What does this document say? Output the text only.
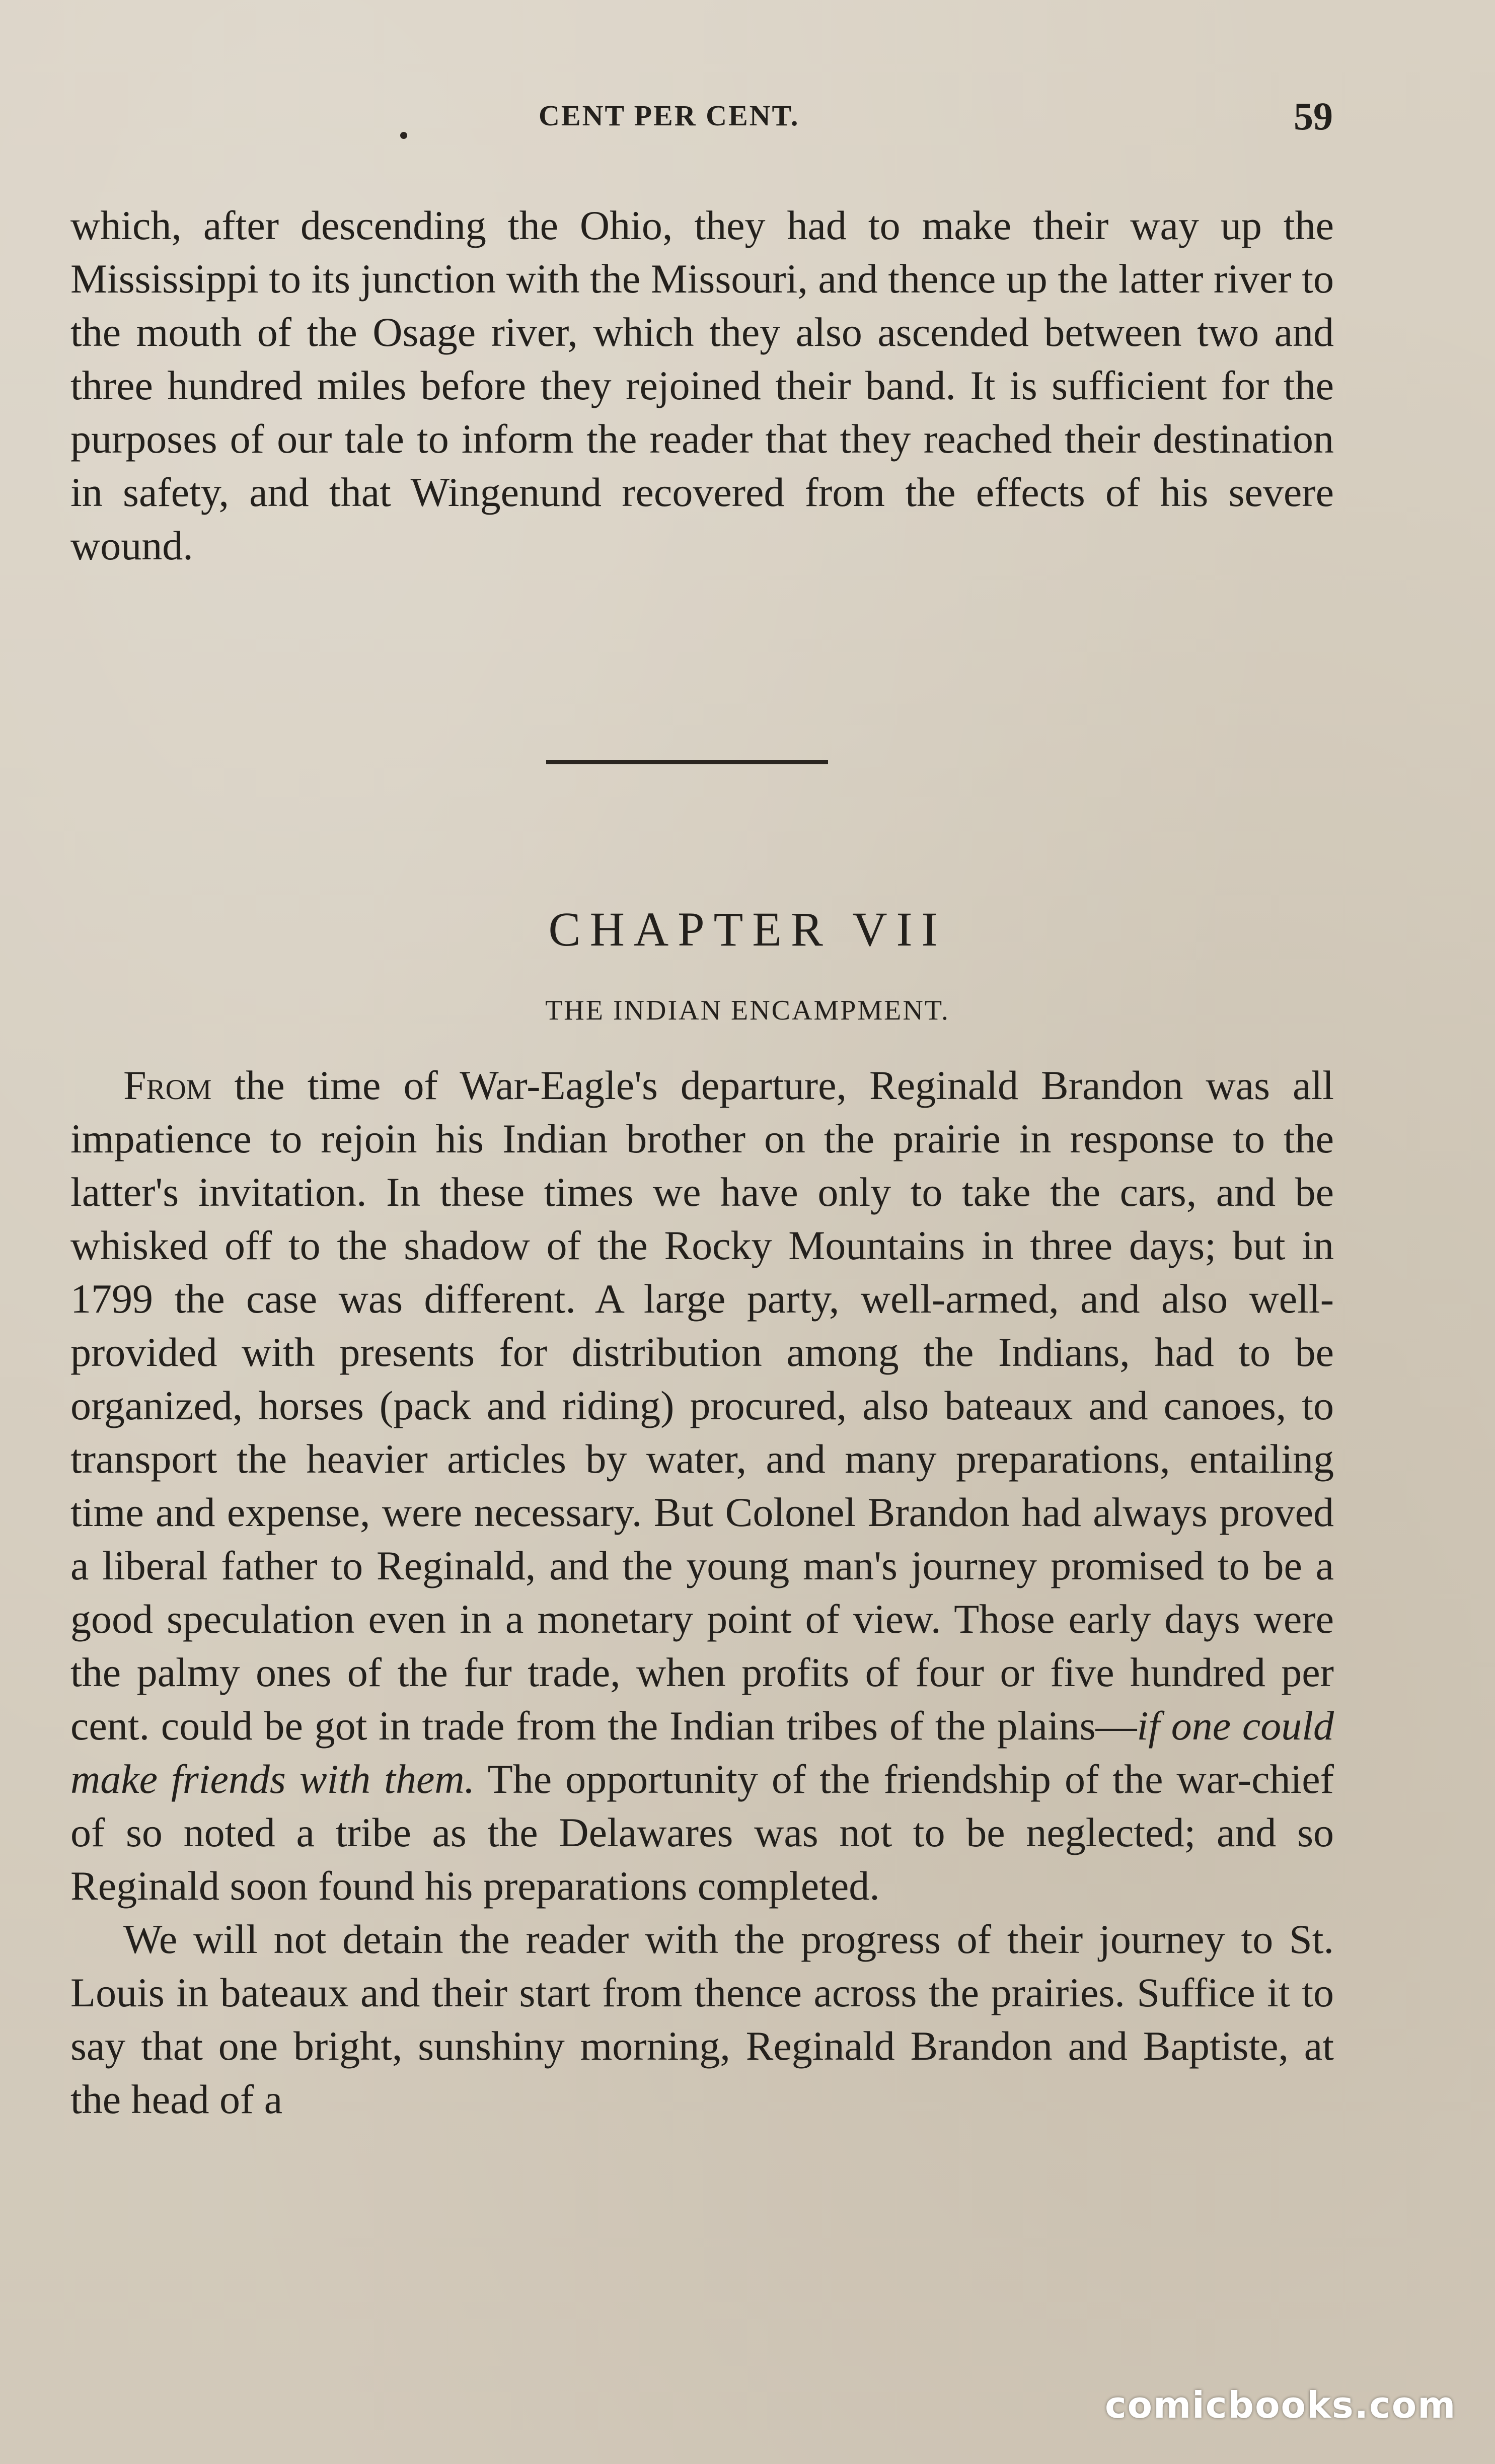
CENT PER CENT.	59

which, after descending the Ohio, they had to make their way up the Mississippi to its junction with the Missouri, and thence up the latter river to the mouth of the Osage river, which they also ascended between two and three hundred miles before they rejoined their band. It is sufficient for the purposes of our tale to inform the reader that they reached their destination in safety, and that Wingenund recovered from the effects of his severe wound.

CHAPTER VII
THE INDIAN ENCAMPMENT.

From the time of War-Eagle's departure, Reginald Brandon was all impatience to rejoin his Indian brother on the prairie in response to the latter's invitation. In these times we have only to take the cars, and be whisked off to the shadow of the Rocky Mountains in three days; but in 1799 the case was different. A large party, well-armed, and also well-provided with presents for distribution among the Indians, had to be organized, horses (pack and riding) procured, also bateaux and canoes, to transport the heavier articles by water, and many preparations, entailing time and expense, were necessary. But Colonel Brandon had always proved a liberal father to Reginald, and the young man's journey promised to be a good speculation even in a monetary point of view. Those early days were the palmy ones of the fur trade, when profits of four or five hundred per cent. could be got in trade from the Indian tribes of the plains—if one could make friends with them. The opportunity of the friendship of the war-chief of so noted a tribe as the Delawares was not to be neglected; and so Reginald soon found his preparations completed.

We will not detain the reader with the progress of their journey to St. Louis in bateaux and their start from thence across the prairies. Suffice it to say that one bright, sunshiny morning, Reginald Brandon and Baptiste, at the head of a

comicbooks.com
